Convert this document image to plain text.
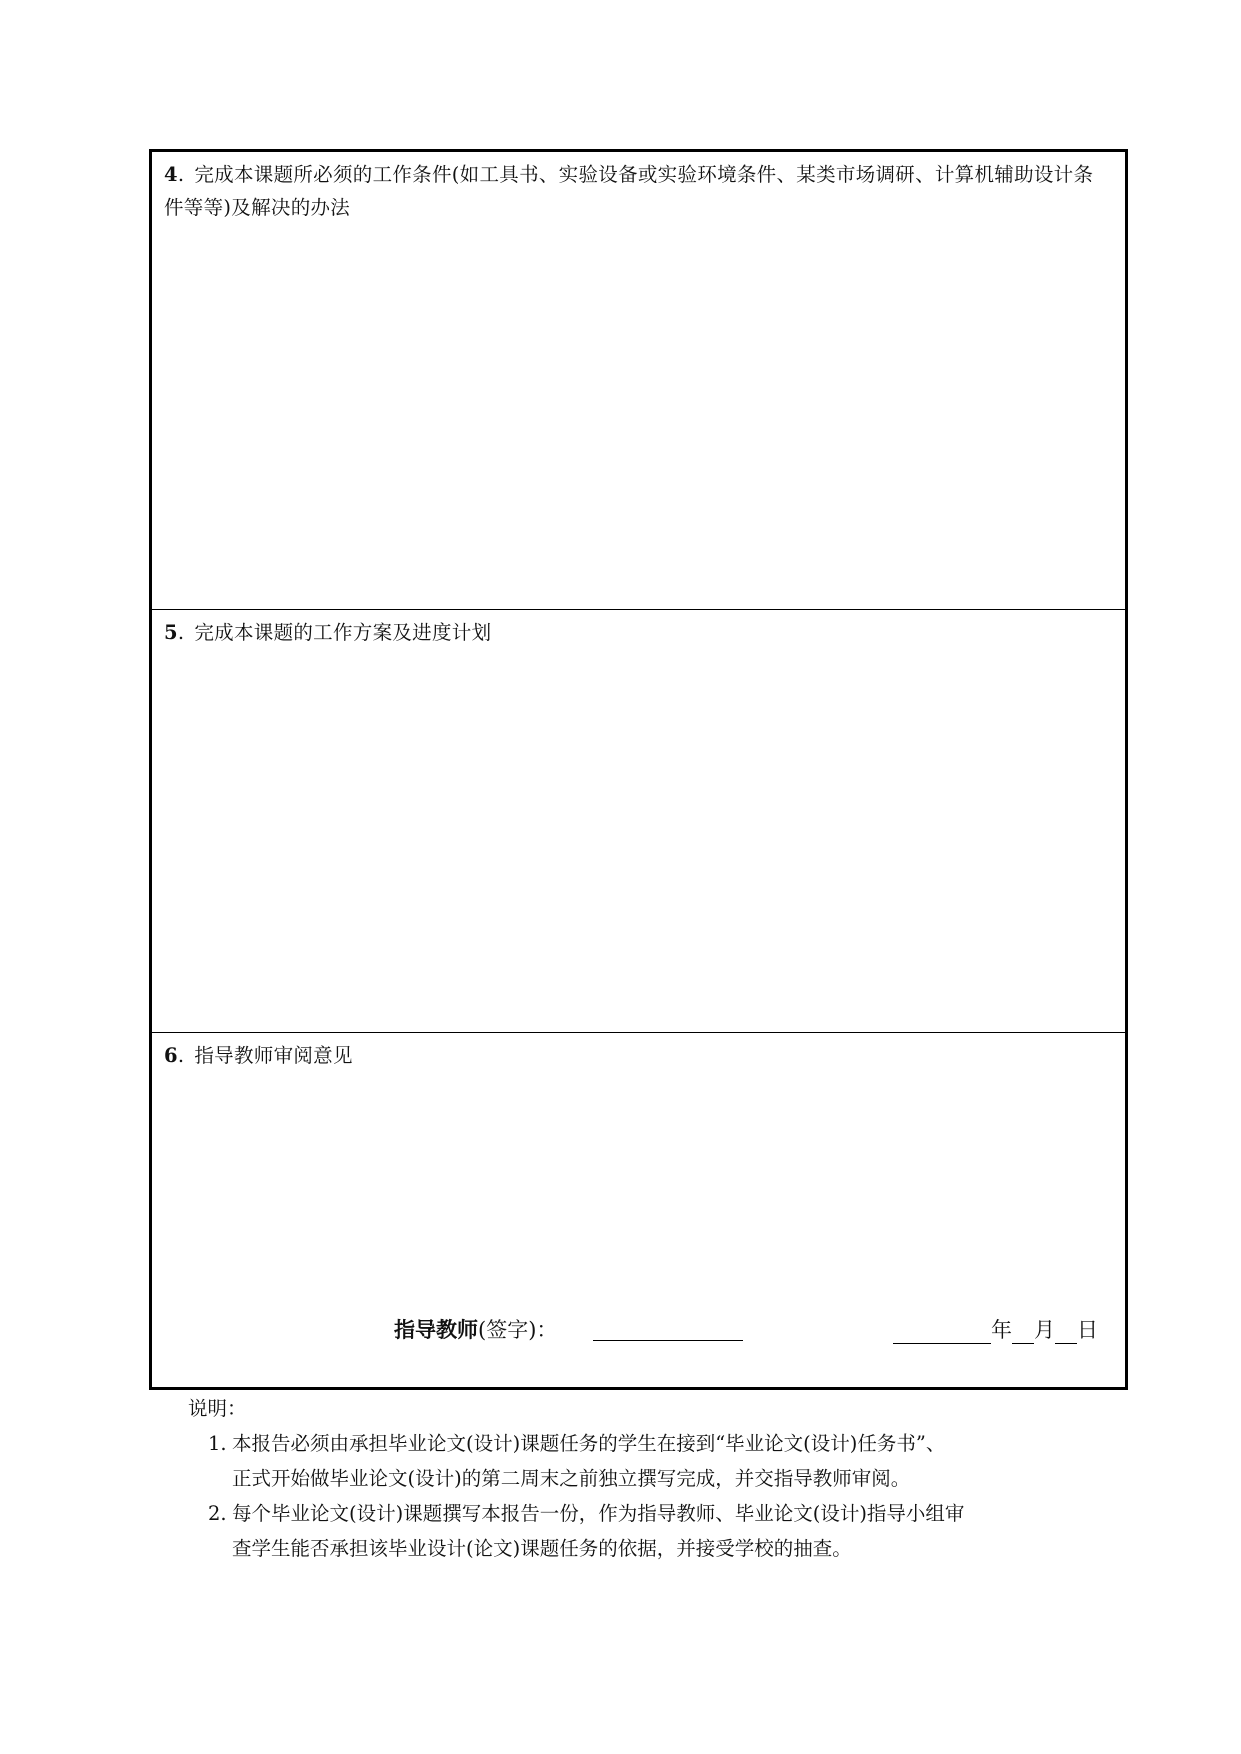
4. 完成本课题所必须的工作条件(如工具书、实验设备或实验环境条件、某类市场调研、计算机辅助设计条件等等)及解决的办法
5. 完成本课题的工作方案及进度计划
6. 指导教师审阅意见
指导教师(签字)：	年 月 日
说明：
1. 本报告必须由承担毕业论文(设计)课题任务的学生在接到“毕业论文(设计)任务书”、
正式开始做毕业论文(设计)的第二周末之前独立撰写完成，并交指导教师审阅。
2. 每个毕业论文(设计)课题撰写本报告一份，作为指导教师、毕业论文(设计)指导小组审
查学生能否承担该毕业设计(论文)课题任务的依据，并接受学校的抽查。
